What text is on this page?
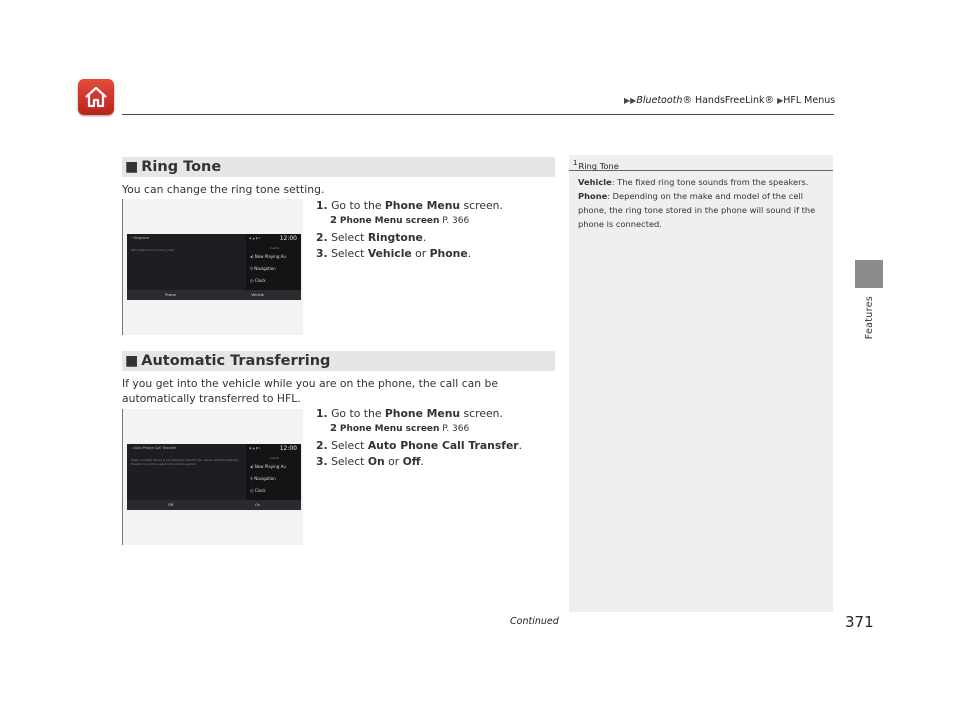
▶▶Bluetooth® HandsFreeLink® ▶HFL Menus
Features
■ Ring Tone
You can change the ring tone setting.
‹ Ringtone
Set ringtone for incoming calls.
◉ ▲ ▮ ‡ ·	12:00
Cards
◂) Now Playing Au
⚲ Navigation
◷ Clock
Phone	Vehicle
1. Go to the Phone Menu screen.
2 Phone Menu screen P. 366
2. Select Ringtone.
3. Select Vehicle or Phone.
■ Automatic Transferring
If you get into the vehicle while you are on the phone, the call can be automatically transferred to HFL.
‹ Auto Phone Call Transfer
When a mobile device is connected by the HFL the vehicle will automatically transfer any active calls to the vehicle system.
◉ ▲ ▮ ‡ ·	12:00
Cards
◂) Now Playing Au
⚲ Navigation
◷ Clock
Off	On
1. Go to the Phone Menu screen.
2 Phone Menu screen P. 366
2. Select Auto Phone Call Transfer.
3. Select On or Off.
$^1$Ring Tone
Vehicle: The fixed ring tone sounds from the speakers.
Phone: Depending on the make and model of the cell phone, the ring tone stored in the phone will sound if the phone is connected.
Continued	371
